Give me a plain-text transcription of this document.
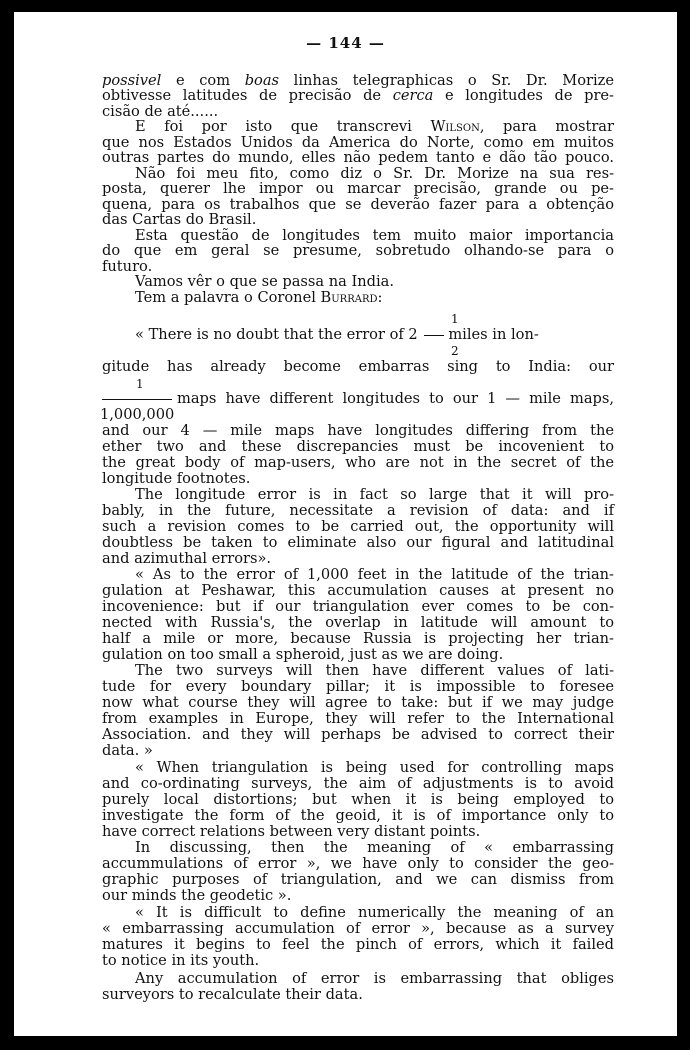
— 144 —
possivel e com boas linhas telegraphicas o Sr. Dr. Morize
obtivesse latitudes de precisão de cerca e longitudes de pre-
cisão de até......
E foi por isto que transcrevi Wilson, para mostrar
que nos Estados Unidos da America do Norte, como em muitos
outras partes do mundo, elles não pedem tanto e dão tão pouco.
Não foi meu fito, como diz o Sr. Dr. Morize na sua res-
posta, querer lhe impor ou marcar precisão, grande ou pe-
quena, para os trabalhos que se deverão fazer para a obtenção
das Cartas do Brasil.
Esta questão de longitudes tem muito maior importancia
do que em geral se presume, sobretudo olhando-se para o
futuro.
Vamos vêr o que se passa na India.
Tem a palavra o Coronel Burrard:
1
« There is no doubt that the error of 2 miles in lon-
2
gitude has already become embarras sing to India: our
1
maps have different longitudes to our 1 — mile maps,
1,000,000
and our 4 — mile maps have longitudes differing from the
ether two and these discrepancies must be incovenient to
the great body of map-users, who are not in the secret of the
longitude footnotes.
The longitude error is in fact so large that it will pro-
bably, in the future, necessitate a revision of data: and if
such a revision comes to be carried out, the opportunity will
doubtless be taken to eliminate also our figural and latitudinal
and azimuthal errors».
« As to the error of 1,000 feet in the latitude of the trian-
gulation at Peshawar, this accumulation causes at present no
incovenience: but if our triangulation ever comes to be con-
nected with Russia's, the overlap in latitude will amount to
half a mile or more, because Russia is projecting her trian-
gulation on too small a spheroid, just as we are doing.
The two surveys will then have different values of lati-
tude for every boundary pillar; it is impossible to foresee
now what course they will agree to take: but if we may judge
from examples in Europe, they will refer to the International
Association. and they will perhaps be advised to correct their
data. »
« When triangulation is being used for controlling maps
and co-ordinating surveys, the aim of adjustments is to avoid
purely local distortions; but when it is being employed to
investigate the form of the geoid, it is of importance only to
have correct relations between very distant points.
In discussing, then the meaning of « embarrassing
accummulations of error », we have only to consider the geo-
graphic purposes of triangulation, and we can dismiss from
our minds the geodetic ».
« It is difficult to define numerically the meaning of an
« embarrassing accumulation of error », because as a survey
matures it begins to feel the pinch of errors, which it failed
to notice in its youth.
Any accumulation of error is embarrassing that obliges
surveyors to recalculate their data.
